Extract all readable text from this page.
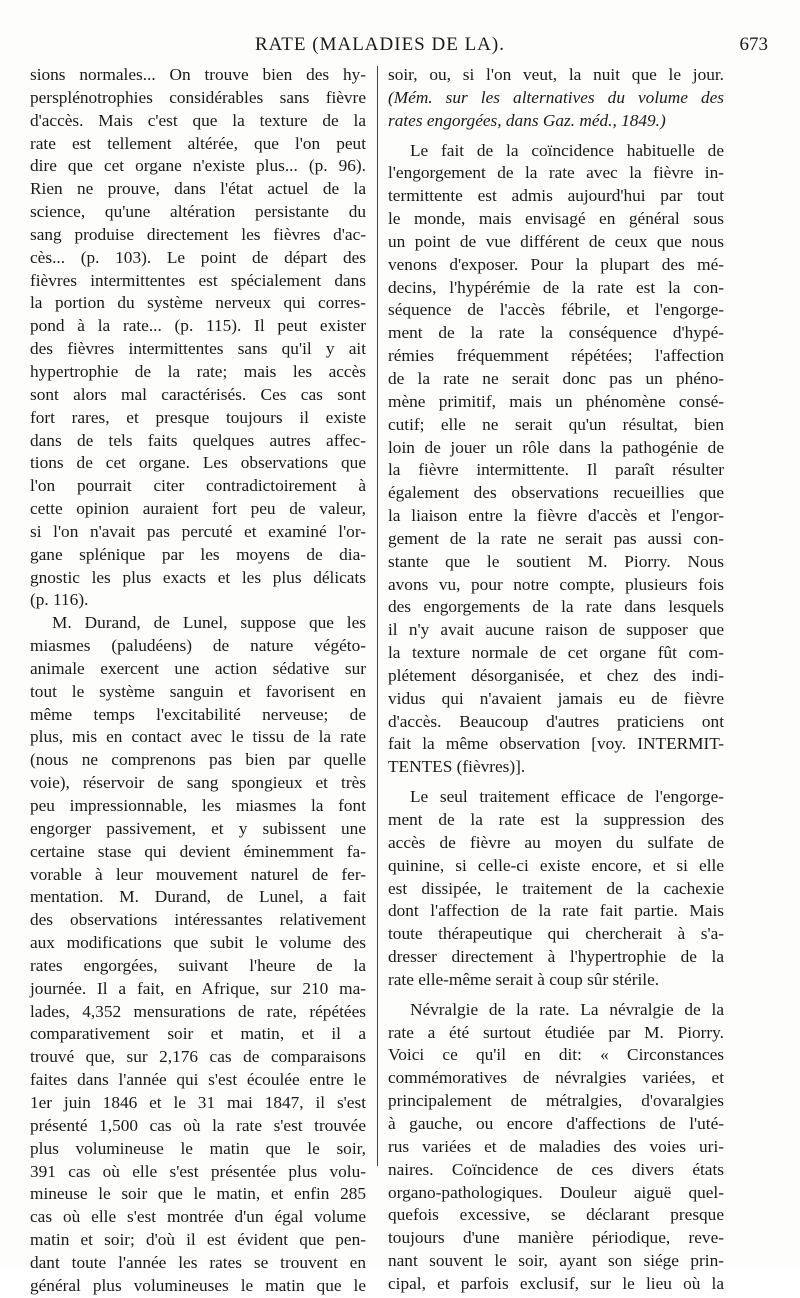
RATE (MALADIES DE LA).	673
sions normales... On trouve bien des hy-
persplénotrophies considérables sans fièvre
d'accès. Mais c'est que la texture de la
rate est tellement altérée, que l'on peut
dire que cet organe n'existe plus... (p. 96).
Rien ne prouve, dans l'état actuel de la
science, qu'une altération persistante du
sang produise directement les fièvres d'ac-
cès... (p. 103). Le point de départ des
fièvres intermittentes est spécialement dans
la portion du système nerveux qui corres-
pond à la rate... (p. 115). Il peut exister
des fièvres intermittentes sans qu'il y ait
hypertrophie de la rate; mais les accès
sont alors mal caractérisés. Ces cas sont
fort rares, et presque toujours il existe
dans de tels faits quelques autres affec-
tions de cet organe. Les observations que
l'on pourrait citer contradictoirement à
cette opinion auraient fort peu de valeur,
si l'on n'avait pas percuté et examiné l'or-
gane splénique par les moyens de dia-
gnostic les plus exacts et les plus délicats
(p. 116).
M. Durand, de Lunel, suppose que les
miasmes (paludéens) de nature végéto-
animale exercent une action sédative sur
tout le système sanguin et favorisent en
même temps l'excitabilité nerveuse; de
plus, mis en contact avec le tissu de la rate
(nous ne comprenons pas bien par quelle
voie), réservoir de sang spongieux et très
peu impressionnable, les miasmes la font
engorger passivement, et y subissent une
certaine stase qui devient éminemment fa-
vorable à leur mouvement naturel de fer-
mentation. M. Durand, de Lunel, a fait
des observations intéressantes relativement
aux modifications que subit le volume des
rates engorgées, suivant l'heure de la
journée. Il a fait, en Afrique, sur 210 ma-
lades, 4,352 mensurations de rate, répétées
comparativement soir et matin, et il a
trouvé que, sur 2,176 cas de comparaisons
faites dans l'année qui s'est écoulée entre le
1er juin 1846 et le 31 mai 1847, il s'est
présenté 1,500 cas où la rate s'est trouvée
plus volumineuse le matin que le soir,
391 cas où elle s'est présentée plus volu-
mineuse le soir que le matin, et enfin 285
cas où elle s'est montrée d'un égal volume
matin et soir; d'où il est évident que pen-
dant toute l'année les rates se trouvent en
général plus volumineuses le matin que le
soir, ou, si l'on veut, la nuit que le jour.
(Mém. sur les alternatives du volume des
rates engorgées, dans Gaz. méd., 1849.)
Le fait de la coïncidence habituelle de
l'engorgement de la rate avec la fièvre in-
termittente est admis aujourd'hui par tout
le monde, mais envisagé en général sous
un point de vue différent de ceux que nous
venons d'exposer. Pour la plupart des mé-
decins, l'hypérémie de la rate est la con-
séquence de l'accès fébrile, et l'engorge-
ment de la rate la conséquence d'hypé-
rémies fréquemment répétées; l'affection
de la rate ne serait donc pas un phéno-
mène primitif, mais un phénomène consé-
cutif; elle ne serait qu'un résultat, bien
loin de jouer un rôle dans la pathogénie de
la fièvre intermittente. Il paraît résulter
également des observations recueillies que
la liaison entre la fièvre d'accès et l'engor-
gement de la rate ne serait pas aussi con-
stante que le soutient M. Piorry. Nous
avons vu, pour notre compte, plusieurs fois
des engorgements de la rate dans lesquels
il n'y avait aucune raison de supposer que
la texture normale de cet organe fût com-
plétement désorganisée, et chez des indi-
vidus qui n'avaient jamais eu de fièvre
d'accès. Beaucoup d'autres praticiens ont
fait la même observation [voy. INTERMIT-
TENTES (fièvres)].
Le seul traitement efficace de l'engorge-
ment de la rate est la suppression des
accès de fièvre au moyen du sulfate de
quinine, si celle-ci existe encore, et si elle
est dissipée, le traitement de la cachexie
dont l'affection de la rate fait partie. Mais
toute thérapeutique qui chercherait à s'a-
dresser directement à l'hypertrophie de la
rate elle-même serait à coup sûr stérile.
Névralgie de la rate. La névralgie de la
rate a été surtout étudiée par M. Piorry.
Voici ce qu'il en dit: « Circonstances
commémoratives de névralgies variées, et
principalement de métralgies, d'ovaralgies
à gauche, ou encore d'affections de l'uté-
rus variées et de maladies des voies uri-
naires. Coïncidence de ces divers états
organo-pathologiques. Douleur aiguë quel-
quefois excessive, se déclarant presque
toujours d'une manière périodique, reve-
nant souvent le soir, ayant son siége prin-
cipal, et parfois exclusif, sur le lieu où la
